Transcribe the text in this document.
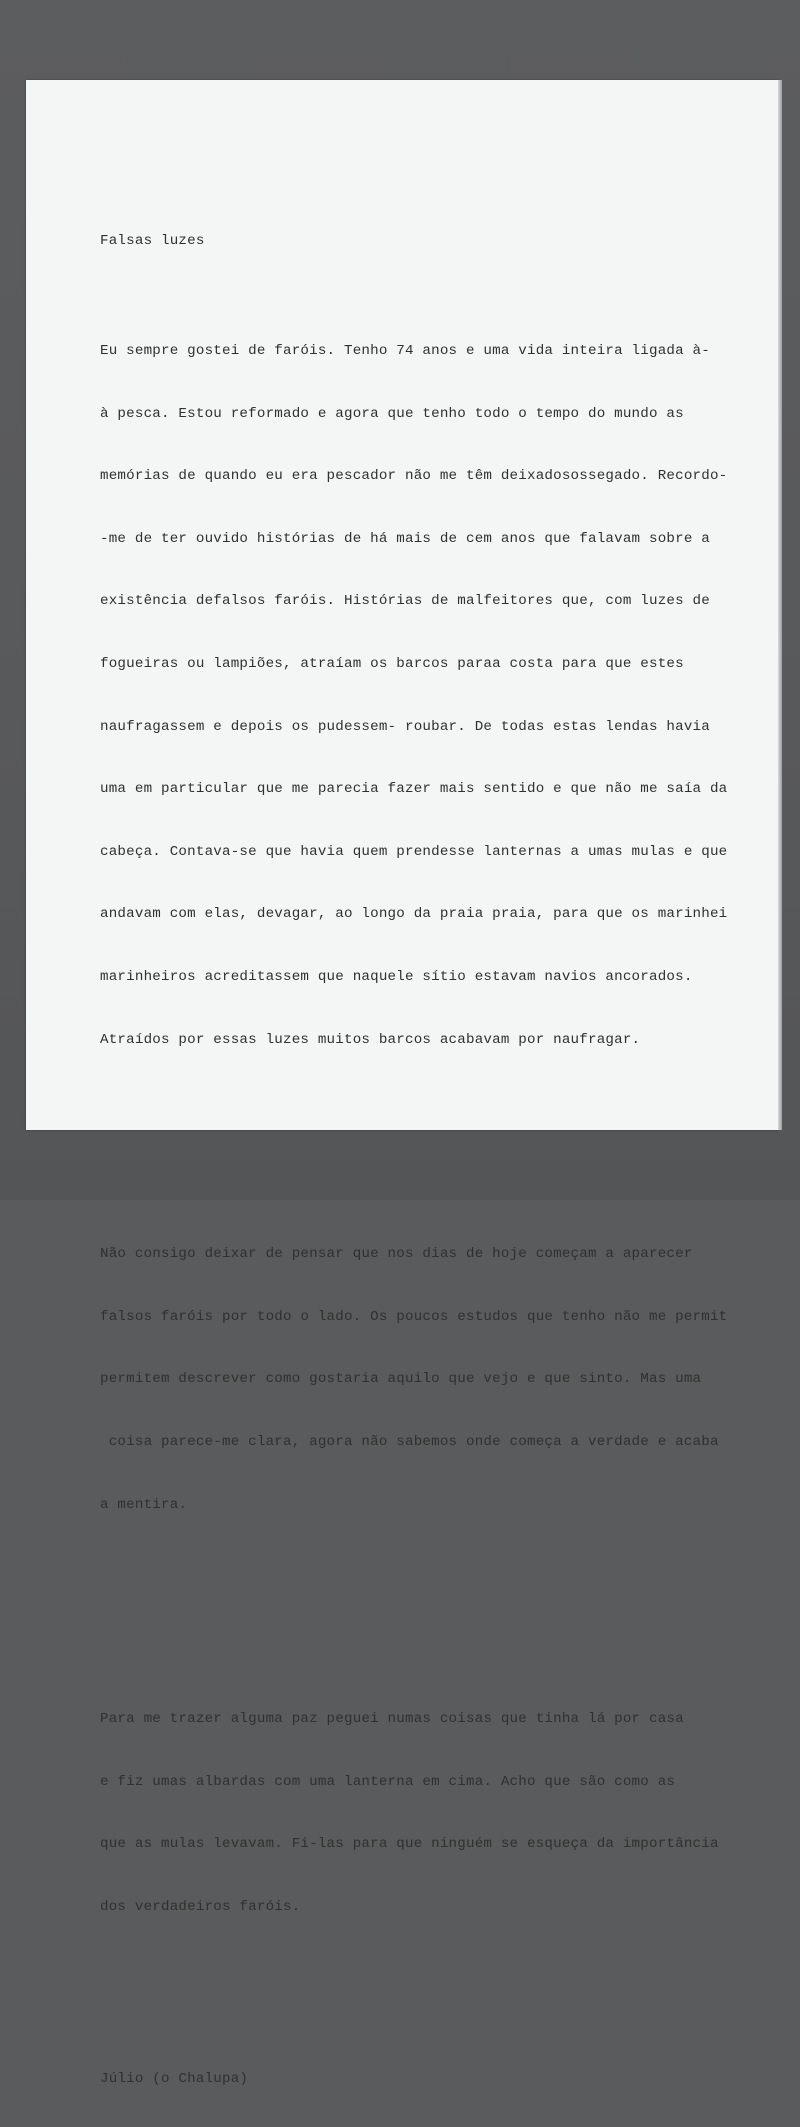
Falsas luzes

Eu sempre gostei de faróis. Tenho 74 anos e uma vida inteira ligada à-

à pesca. Estou reformado e agora que tenho todo o tempo do mundo as

memórias de quando eu era pescador não me têm deixadosossegado. Recordo-

-me de ter ouvido histórias de há mais de cem anos que falavam sobre a

existência defalsos faróis. Histórias de malfeitores que, com luzes de

fogueiras ou lampiões, atraíam os barcos paraa costa para que estes

naufragassem e depois os pudessem- roubar. De todas estas lendas havia

uma em particular que me parecia fazer mais sentido e que não me saía da

cabeça. Contava-se que havia quem prendesse lanternas a umas mulas e que

andavam com elas, devagar, ao longo da praia praia, para que os marinhei

marinheiros acreditassem que naquele sítio estavam navios ancorados.

Atraídos por essas luzes muitos barcos acabavam por naufragar.

Não consigo deixar de pensar que nos dias de hoje começam a aparecer

falsos faróis por todo o lado. Os poucos estudos que tenho não me permit

permitem descrever como gostaria aquilo que vejo e que sinto. Mas uma

coisa parece-me clara, agora não sabemos onde começa a verdade e acaba

a mentira.

Para me trazer alguma paz peguei numas coisas que tinha lá por casa

e fiz umas albardas com uma lanterna em cima. Acho que são como as

que as mulas levavam. Fi-las para que ninguém se esqueça da importância

dos verdadeiros faróis.

Júlio (o Chalupa)
